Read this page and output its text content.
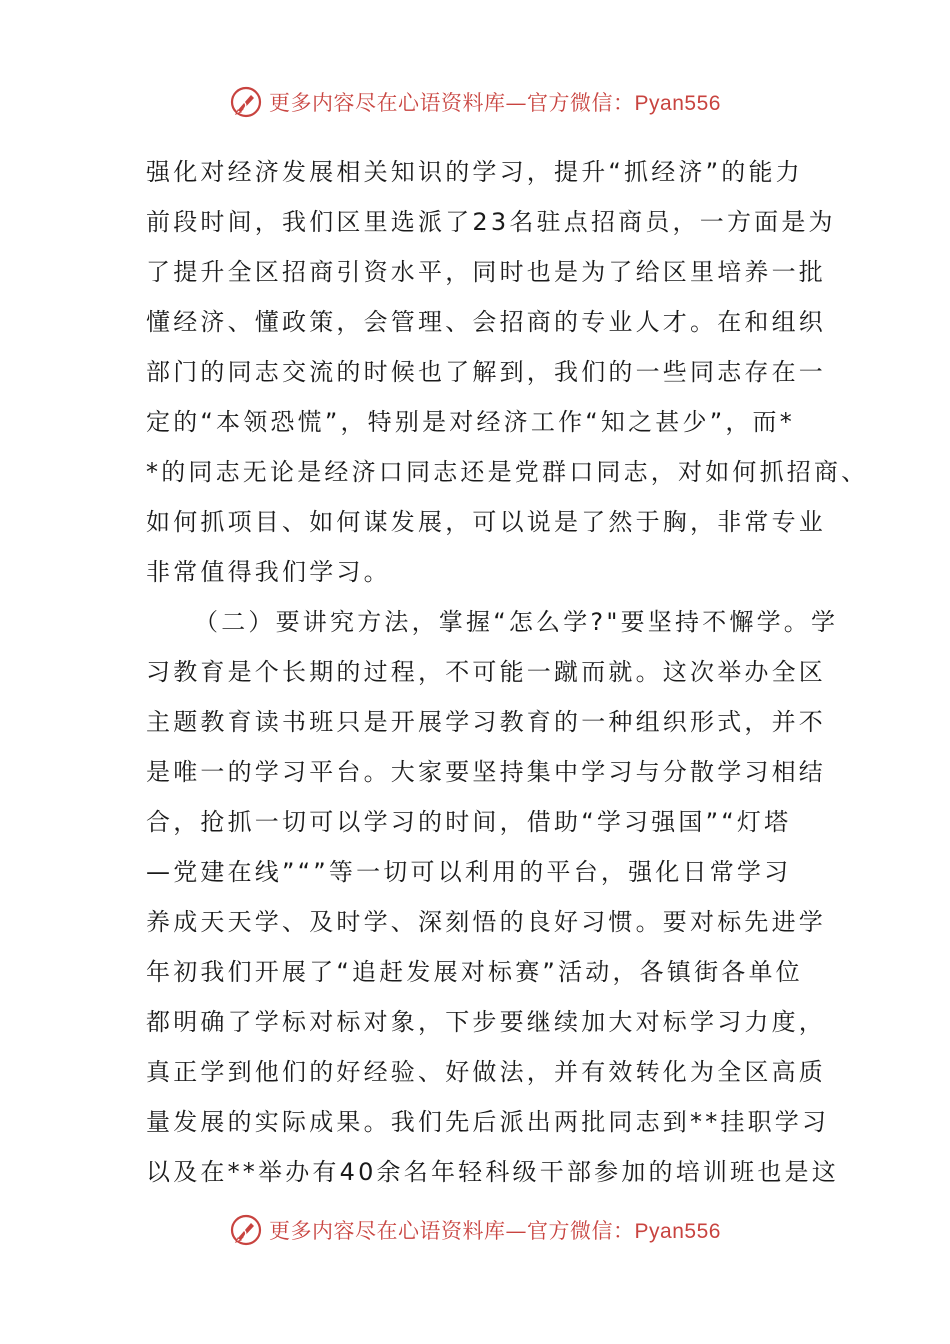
更多内容尽在心语资料库—官方微信：Pyan556
强化对经济发展相关知识的学习，提升“抓经济”的能力
前段时间，我们区里选派了23名驻点招商员，一方面是为
了提升全区招商引资水平，同时也是为了给区里培养一批
懂经济、懂政策，会管理、会招商的专业人才。在和组织
部门的同志交流的时候也了解到，我们的一些同志存在一
定的“本领恐慌”，特别是对经济工作“知之甚少”，而*
*的同志无论是经济口同志还是党群口同志，对如何抓招商、
如何抓项目、如何谋发展，可以说是了然于胸，非常专业
非常值得我们学习。
（二）要讲究方法，掌握“怎么学?"要坚持不懈学。学
习教育是个长期的过程，不可能一蹴而就。这次举办全区
主题教育读书班只是开展学习教育的一种组织形式，并不
是唯一的学习平台。大家要坚持集中学习与分散学习相结
合，抢抓一切可以学习的时间，借助“学习强国”“灯塔
—党建在线”“”等一切可以利用的平台，强化日常学习
养成天天学、及时学、深刻悟的良好习惯。要对标先进学
年初我们开展了“追赶发展对标赛”活动，各镇街各单位
都明确了学标对标对象，下步要继续加大对标学习力度，
真正学到他们的好经验、好做法，并有效转化为全区高质
量发展的实际成果。我们先后派出两批同志到**挂职学习
以及在**举办有40余名年轻科级干部参加的培训班也是这
更多内容尽在心语资料库—官方微信：Pyan556
